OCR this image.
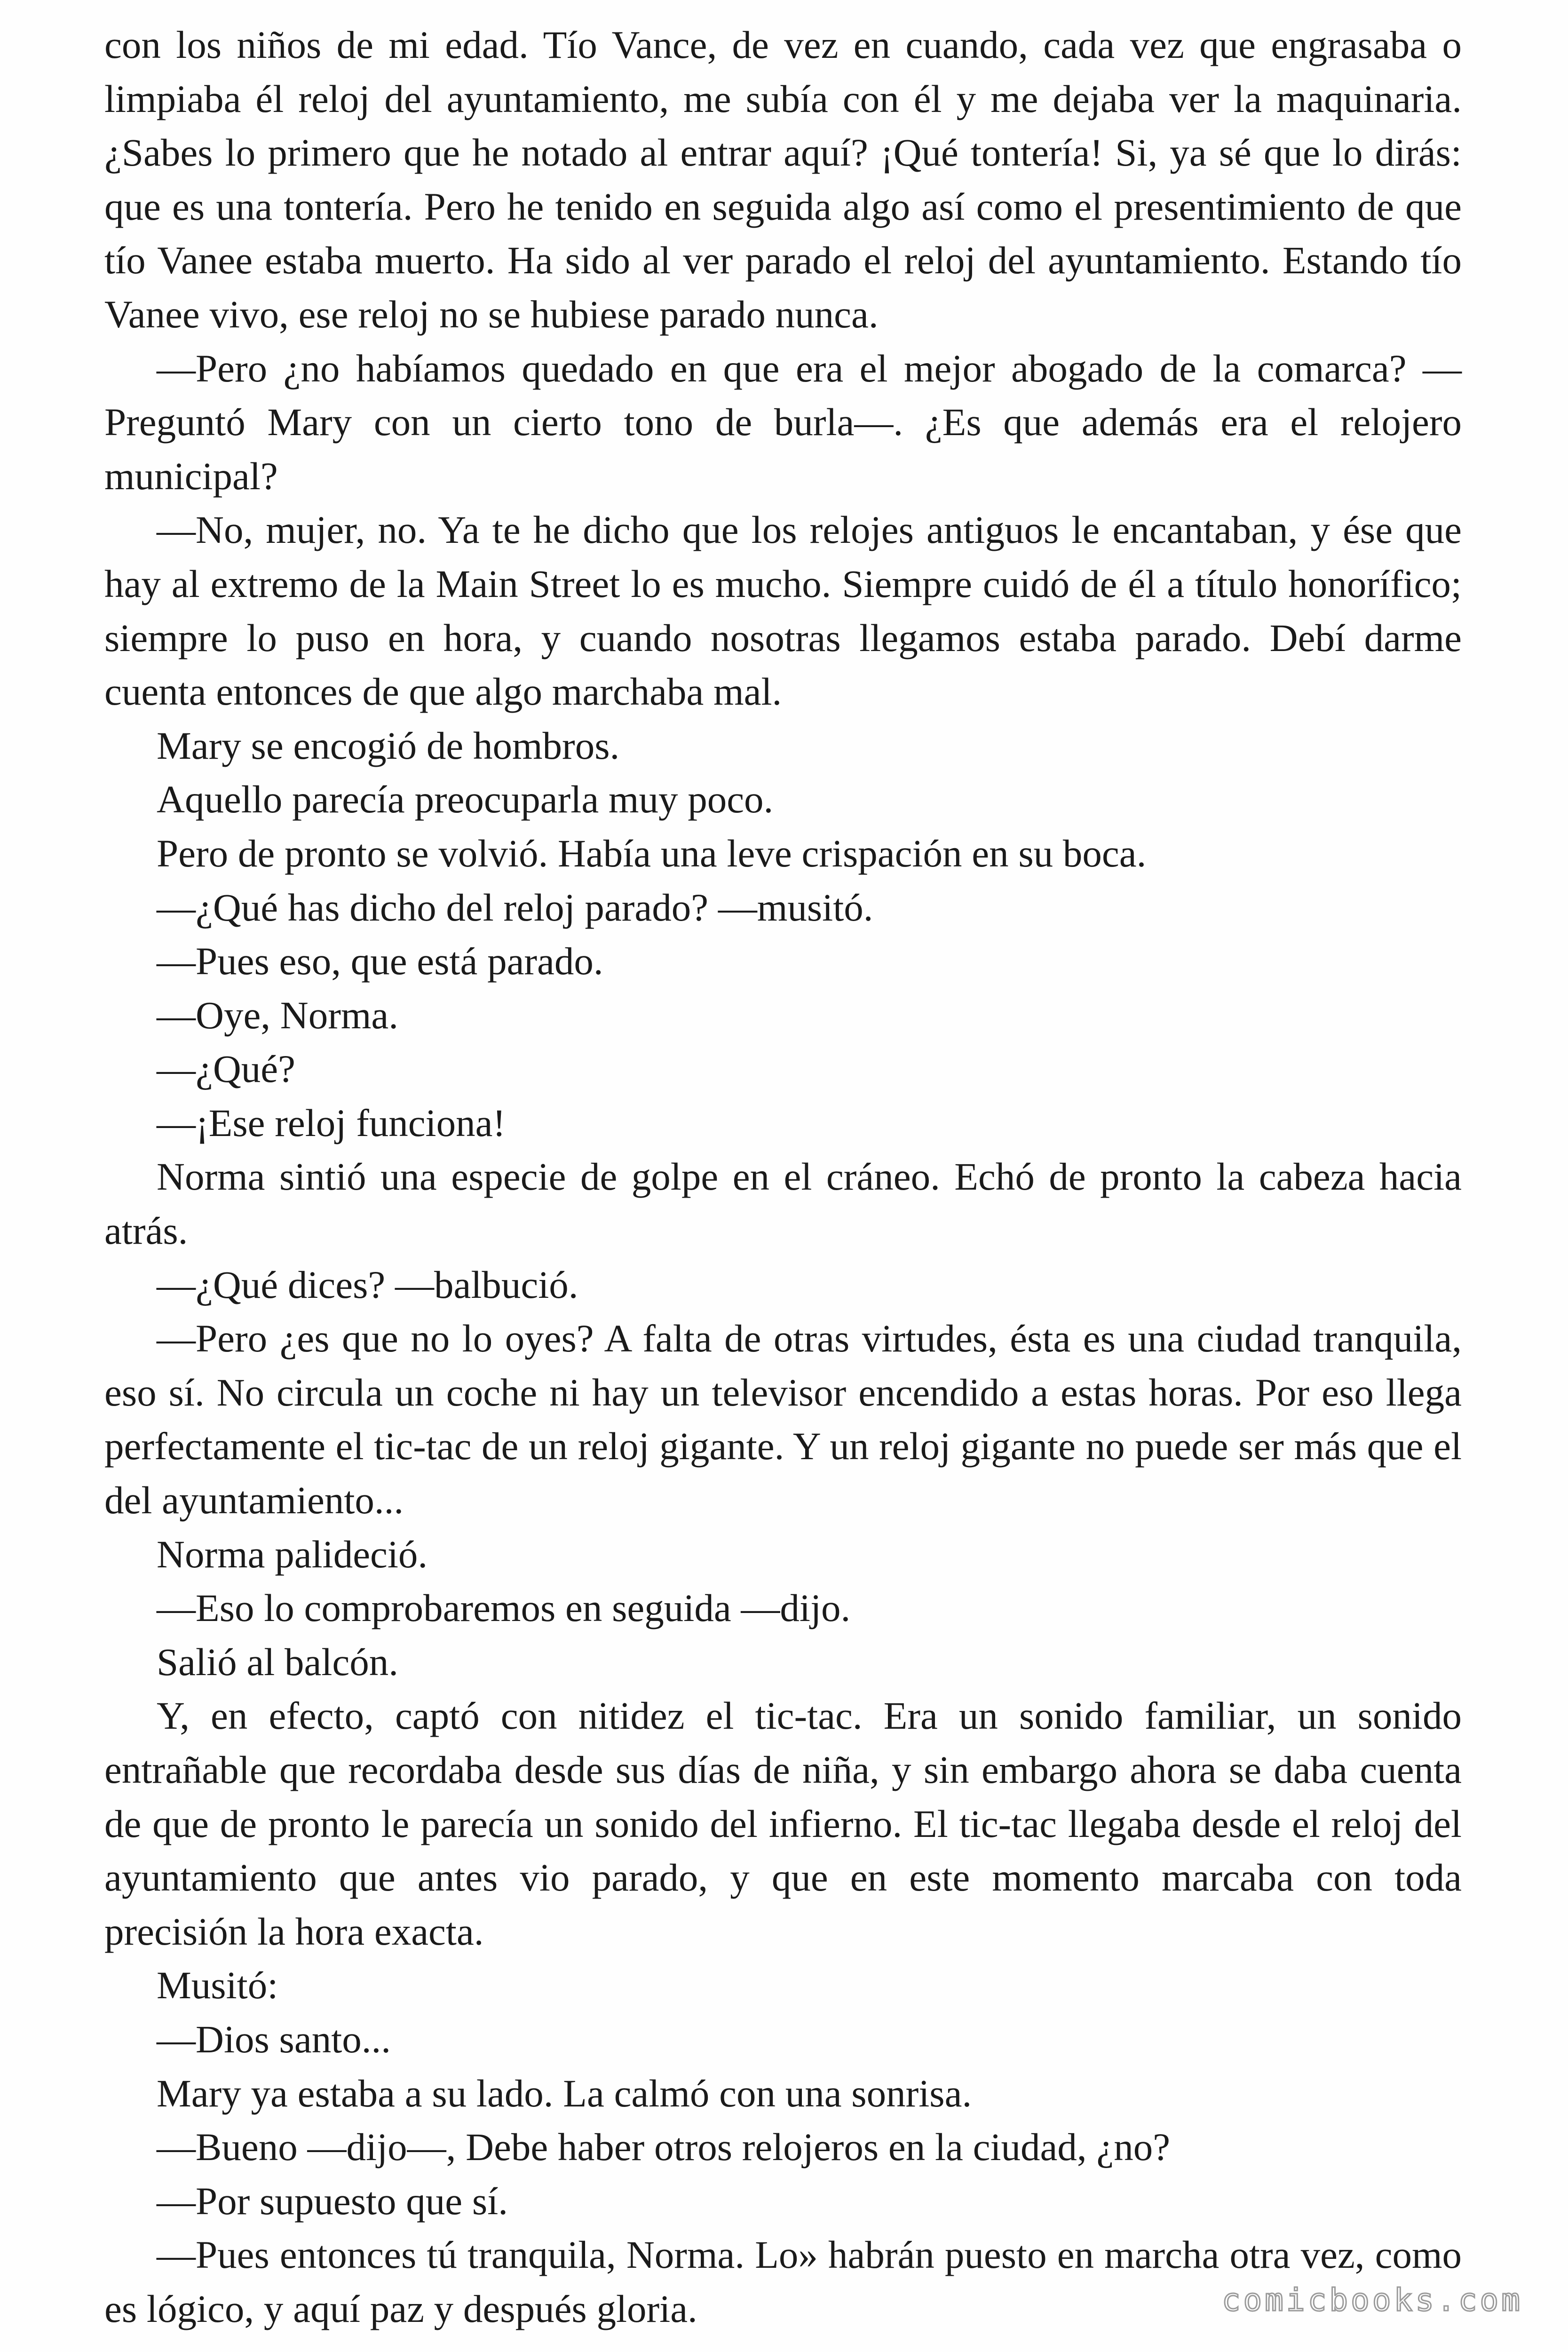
con los niños de mi edad. Tío Vance, de vez en cuando, cada vez que engrasaba o limpiaba él reloj del ayuntamiento, me subía con él y me dejaba ver la maquinaria. ¿Sabes lo primero que he notado al entrar aquí? ¡Qué tontería! Si, ya sé que lo dirás: que es una tontería. Pero he tenido en seguida algo así como el presentimiento de que tío Vanee estaba muerto. Ha sido al ver parado el reloj del ayuntamiento. Estando tío Vanee vivo, ese reloj no se hubiese parado nunca.

—Pero ¿no habíamos quedado en que era el mejor abogado de la comarca? —Preguntó Mary con un cierto tono de burla—. ¿Es que además era el relojero municipal?

—No, mujer, no. Ya te he dicho que los relojes antiguos le encantaban, y ése que hay al extremo de la Main Street lo es mucho. Siempre cuidó de él a título honorífico; siempre lo puso en hora, y cuando nosotras llegamos estaba parado. Debí darme cuenta entonces de que algo marchaba mal.

Mary se encogió de hombros.

Aquello parecía preocuparla muy poco.

Pero de pronto se volvió. Había una leve crispación en su boca.

—¿Qué has dicho del reloj parado? —musitó.

—Pues eso, que está parado.

—Oye, Norma.

—¿Qué?

—¡Ese reloj funciona!

Norma sintió una especie de golpe en el cráneo. Echó de pronto la cabeza hacia atrás.

—¿Qué dices? —balbució.

—Pero ¿es que no lo oyes? A falta de otras virtudes, ésta es una ciudad tranquila, eso sí. No circula un coche ni hay un televisor encendido a estas horas. Por eso llega perfectamente el tic-tac de un reloj gigante. Y un reloj gigante no puede ser más que el del ayuntamiento...

Norma palideció.

—Eso lo comprobaremos en seguida —dijo.

Salió al balcón.

Y, en efecto, captó con nitidez el tic-tac. Era un sonido familiar, un sonido entrañable que recordaba desde sus días de niña, y sin embargo ahora se daba cuenta de que de pronto le parecía un sonido del infierno. El tic-tac llegaba desde el reloj del ayuntamiento que antes vio parado, y que en este momento marcaba con toda precisión la hora exacta.

Musitó:

—Dios santo...

Mary ya estaba a su lado. La calmó con una sonrisa.

—Bueno —dijo—, Debe haber otros relojeros en la ciudad, ¿no?

—Por supuesto que sí.

—Pues entonces tú tranquila, Norma. Lo» habrán puesto en marcha otra vez, como es lógico, y aquí paz y después gloria.	comicbooks.com
